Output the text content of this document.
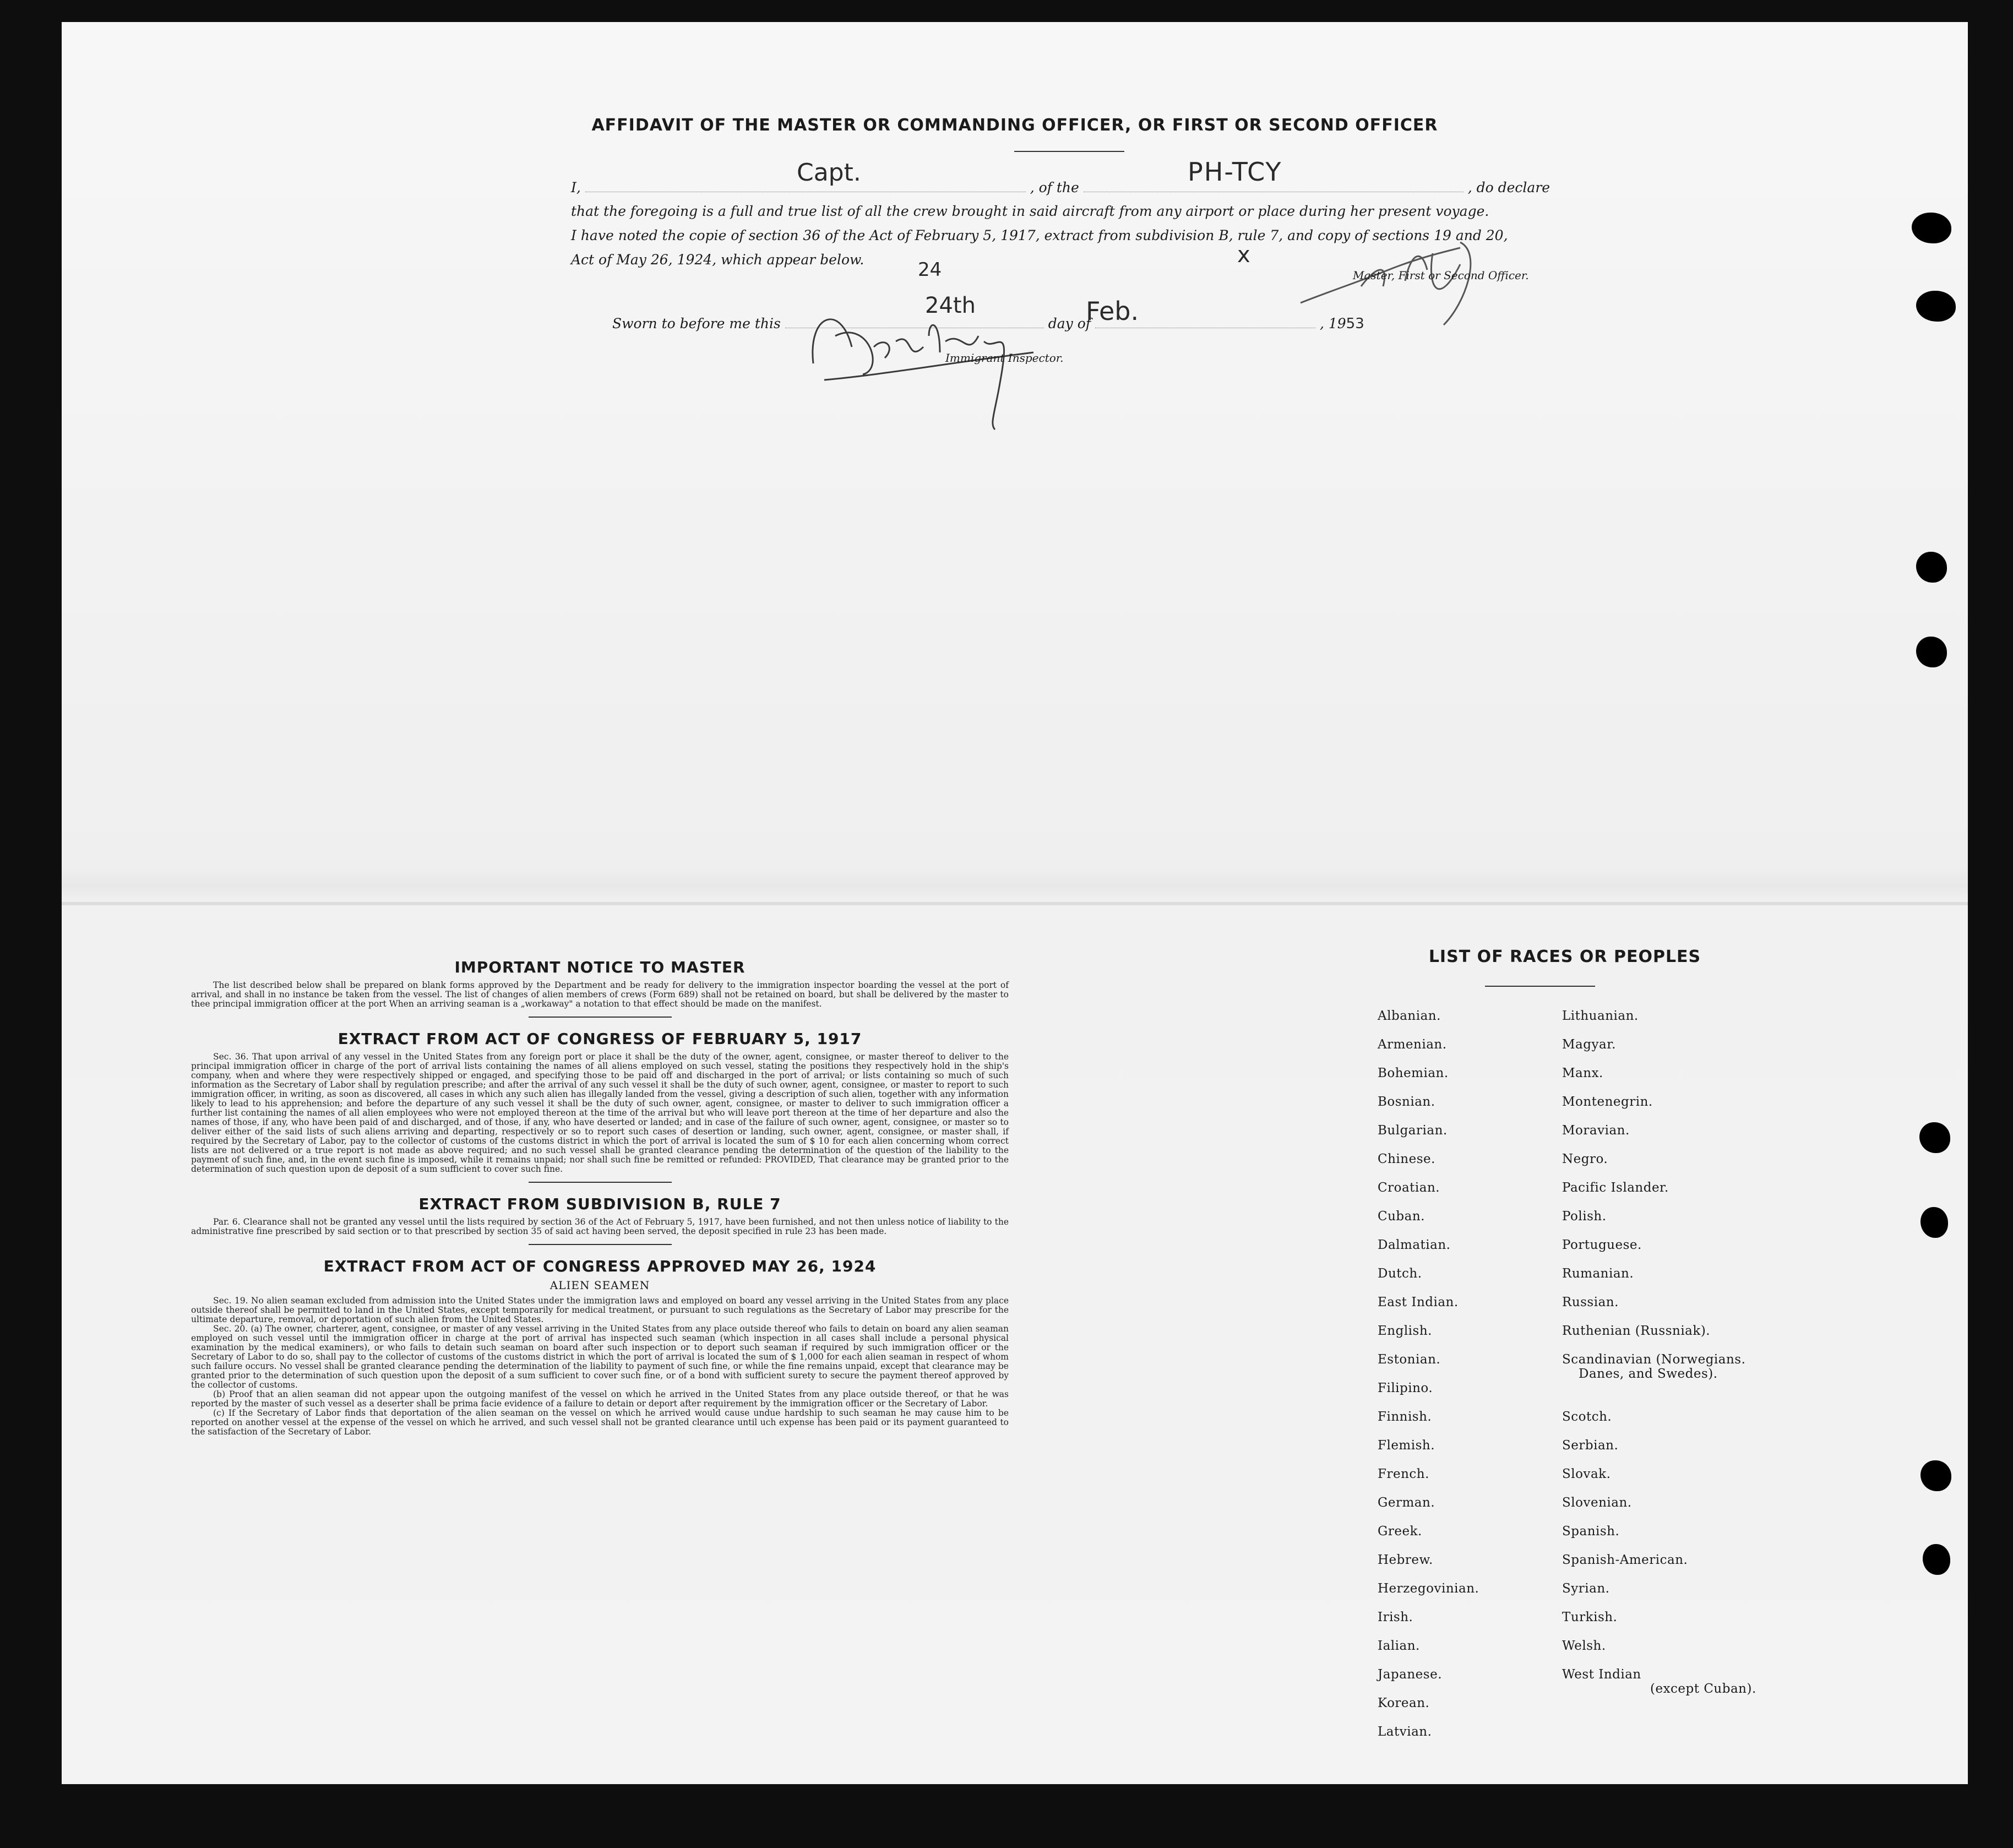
AFFIDAVIT OF THE MASTER OR COMMANDING OFFICER, OR FIRST OR SECOND OFFICER
I,	, of the	, do declare
Capt.	PH-TCY
that the foregoing is a full and true list of all the crew brought in said aircraft from any airport or place during her present voyage.
I have noted the copie of section 36 of the Act of February 5, 1917, extract from subdivision B, rule 7, and copy of sections 19 and 20,
Act of May 26, 1924, which appear below.	x
Master, First or Second Officer.
Sworn to before me this	day of	, 1953
24
24th	Feb.
Immigrant Inspector.
IMPORTANT NOTICE TO MASTER

The list described below shall be prepared on blank forms approved by the Department and be ready for delivery to the immigration inspector boarding the vessel at the port of arrival, and shall in no instance be taken from the vessel. The list of changes of alien members of crews (Form 689) shall not be retained on board, but shall be delivered by the master to thee principal immigration officer at the port When an arriving seaman is a „workaway" a notation to that effect should be made on the manifest.

EXTRACT FROM ACT OF CONGRESS OF FEBRUARY 5, 1917

Sec. 36. That upon arrival of any vessel in the United States from any foreign port or place it shall be the duty of the owner, agent, consignee, or master thereof to deliver to the principal immigration officer in charge of the port of arrival lists containing the names of all aliens employed on such vessel, stating the positions they respectively hold in the ship's company, when and where they were respectively shipped or engaged, and specifying those to be paid off and discharged in the port of arrival; or lists containing so much of such information as the Secretary of Labor shall by regulation prescribe; and after the arrival of any such vessel it shall be the duty of such owner, agent, consignee, or master to report to such immigration officer, in writing, as soon as discovered, all cases in which any such alien has illegally landed from the vessel, giving a description of such alien, together with any information likely to lead to his apprehension; and before the departure of any such vessel it shall be the duty of such owner, agent, consignee, or master to deliver to such immigration officer a further list containing the names of all alien employees who were not employed thereon at the time of the arrival but who will leave port thereon at the time of her departure and also the names of those, if any, who have been paid of and discharged, and of those, if any, who have deserted or landed; and in case of the failure of such owner, agent, consignee, or master so to deliver either of the said lists of such aliens arriving and departing, respectively or so to report such cases of desertion or landing, such owner, agent, consignee, or master shall, if required by the Secretary of Labor, pay to the collector of customs of the customs district in which the port of arrival is located the sum of $ 10 for each alien concerning whom correct lists are not delivered or a true report is not made as above required; and no such vessel shall be granted clearance pending the determination of the question of the liability to the payment of such fine, and, in the event such fine is imposed, while it remains unpaid; nor shall such fine be remitted or refunded: PROVIDED, That clearance may be granted prior to the determination of such question upon de deposit of a sum sufficient to cover such fine.

EXTRACT FROM SUBDIVISION B, RULE 7

Par. 6. Clearance shall not be granted any vessel until the lists required by section 36 of the Act of February 5, 1917, have been furnished, and not then unless notice of liability to the administrative fine prescribed by said section or to that prescribed by section 35 of said act having been served, the deposit specified in rule 23 has been made.

EXTRACT FROM ACT OF CONGRESS APPROVED MAY 26, 1924

ALIEN SEAMEN

Sec. 19. No alien seaman excluded from admission into the United States under the immigration laws and employed on board any vessel arriving in the United States from any place outside thereof shall be permitted to land in the United States, except temporarily for medical treatment, or pursuant to such regulations as the Secretary of Labor may prescribe for the ultimate departure, removal, or deportation of such alien from the United States.

Sec. 20. (a) The owner, charterer, agent, consignee, or master of any vessel arriving in the United States from any place outside thereof who fails to detain on board any alien seaman employed on such vessel until the immigration officer in charge at the port of arrival has inspected such seaman (which inspection in all cases shall include a personal physical examination by the medical examiners), or who fails to detain such seaman on board after such inspection or to deport such seaman if required by such immigration officer or the Secretary of Labor to do so, shall pay to the collector of customs of the customs district in which the port of arrival is located the sum of $ 1,000 for each alien seaman in respect of whom such failure occurs. No vessel shall be granted clearance pending the determination of the liability to payment of such fine, or while the fine remains unpaid, except that clearance may be granted prior to the determination of such question upon the deposit of a sum sufficient to cover such fine, or of a bond with sufficient surety to secure the payment thereof approved by the collector of customs.

(b) Proof that an alien seaman did not appear upon the outgoing manifest of the vessel on which he arrived in the United States from any place outside thereof, or that he was reported by the master of such vessel as a deserter shall be prima facie evidence of a failure to detain or deport after requirement by the immigration officer or the Secretary of Labor.

(c) If the Secretary of Labor finds that deportation of the alien seaman on the vessel on which he arrived would cause undue hardship to such seaman he may cause him to be reported on another vessel at the expense of the vessel on which he arrived, and such vessel shall not be granted clearance until uch expense has been paid or its payment guaranteed to the satisfaction of the Secretary of Labor.

LIST OF RACES OR PEOPLES
Albanian.
Armenian.
Bohemian.
Bosnian.
Bulgarian.
Chinese.
Croatian.
Cuban.
Dalmatian.
Dutch.
East Indian.
English.
Estonian.
Filipino.
Finnish.
Flemish.
French.
German.
Greek.
Hebrew.
Herzegovinian.
Irish.
Ialian.
Japanese.
Korean.
Latvian.
Lithuanian.
Magyar.
Manx.
Montenegrin.
Moravian.
Negro.
Pacific Islander.
Polish.
Portuguese.
Rumanian.
Russian.
Ruthenian (Russniak).
Scandinavian (Norwegians.
Danes, and Swedes).
Scotch.
Serbian.
Slovak.
Slovenian.
Spanish.
Spanish-American.
Syrian.
Turkish.
Welsh.
West Indian
(except Cuban).
